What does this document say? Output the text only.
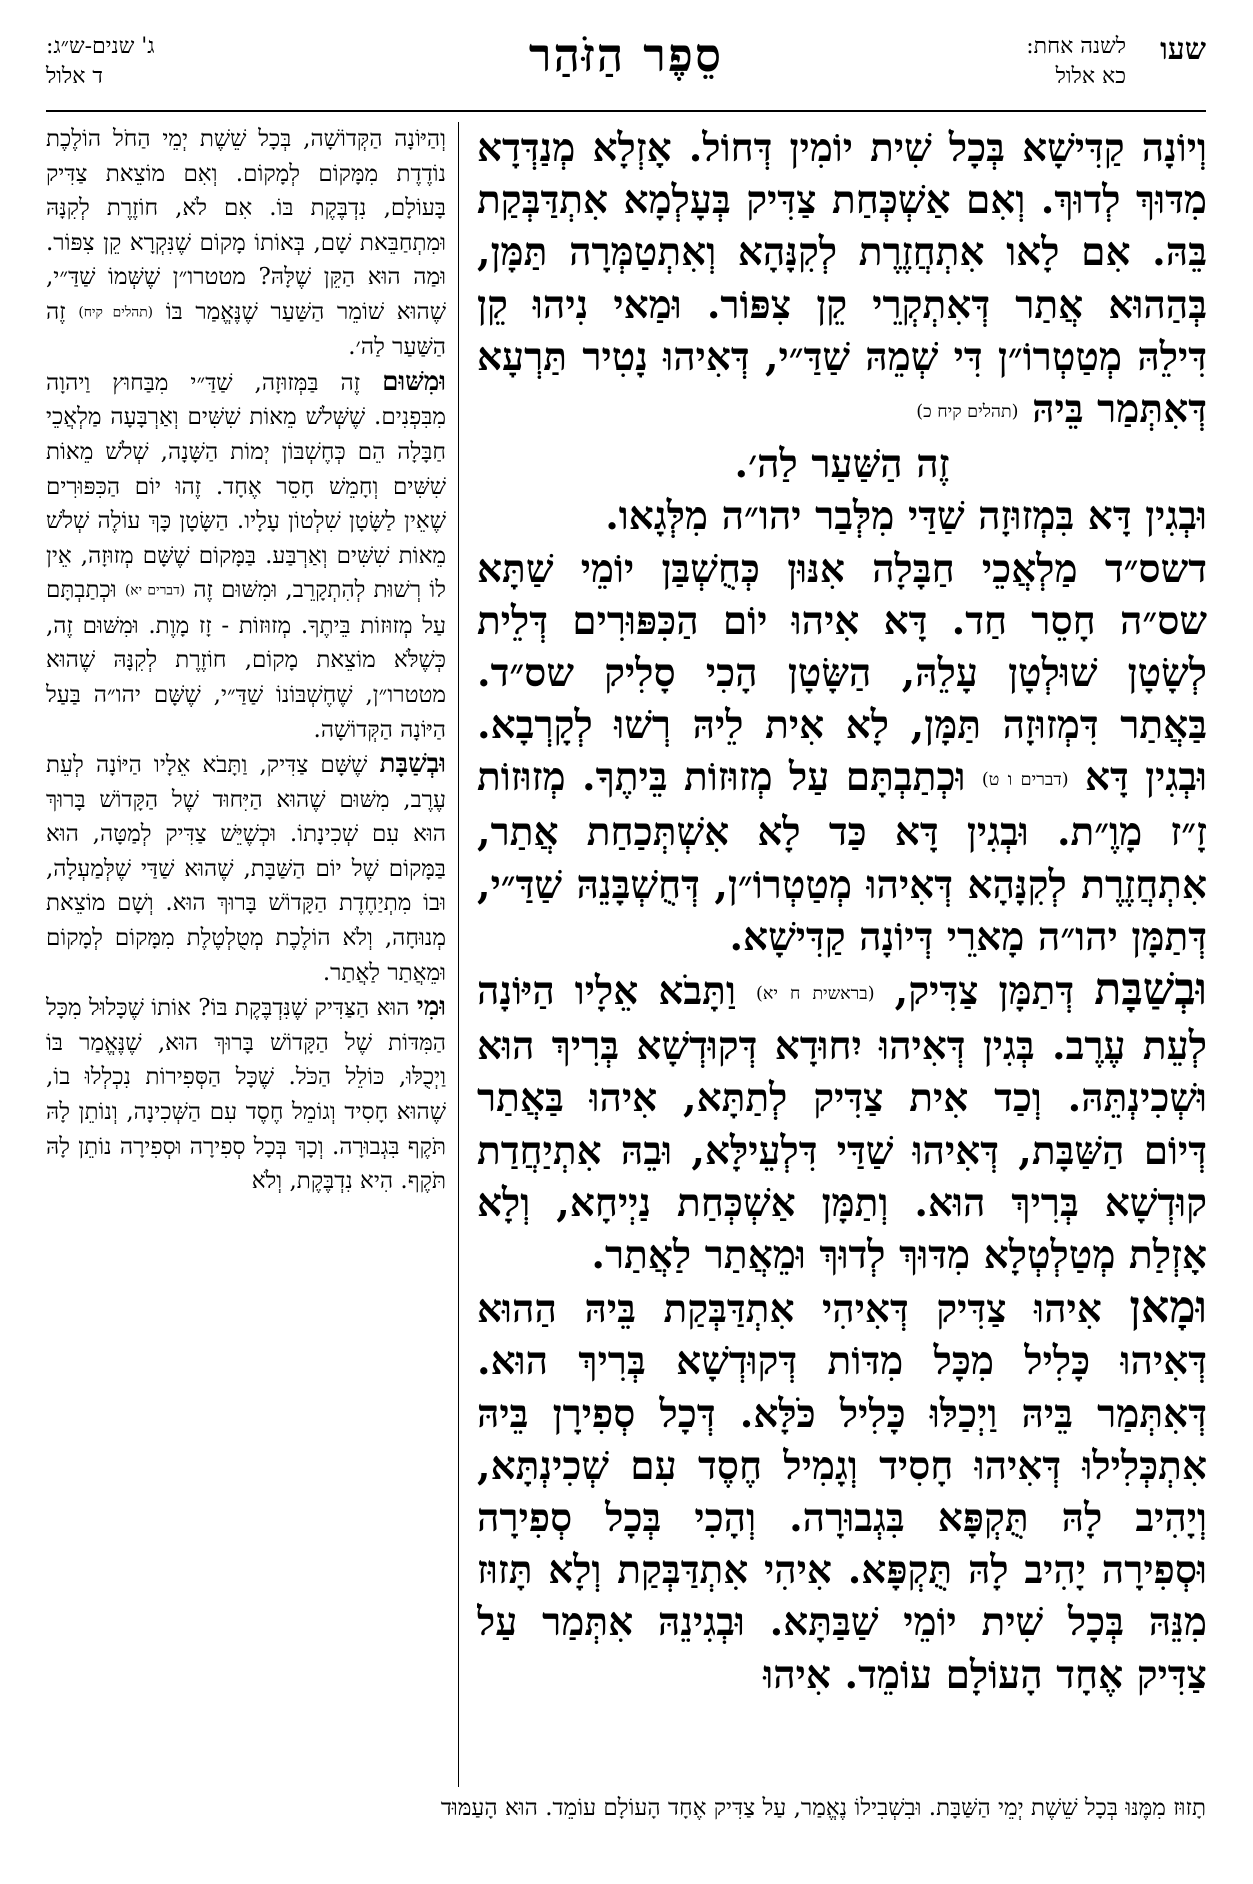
שעו
לשנה אחת:
כא אלול
סֵפֶר הַזֹּהַר
ג' שנים-ש״ג:
ד אלול

וְיוֹנָה קַדִּישָׁא בְּכָל שִׁית יוֹמִין דְּחוֹל. אָזְלָא מְנַדְּדָא מִדּוּךְ לְדוּךְ. וְאִם אַשְׁכְּחַת צַדִּיק בְּעָלְמָא אִתְדַּבְּקַת בֵּהּ. אִם לָאו אִתְחֲזֶרֶת לְקִנָּהָא וְאִתְטַמְּרָה תַּמָּן, בְּהַהוּא אֲתַר דְּאִתְקְרֵי קֵן צִפּוֹר. וּמַאי נִיהוּ קֵן דִּילֵהּ מְטַטְרוֹ״ן דִּי שְׁמֵהּ שַׁדַּ״י, דְּאִיהוּ נָטִיר תַּרְעָא דְּאִתְּמַר בֵּיהּ (תהלים קיח כ)

זֶה הַשַּׁעַר לַה׳.

וּבְגִין דָּא בִּמְזוּזָה שַׁדַּי מִלְּבַר יהו״ה מִלְּגָאו.

דשס״ד מַלְאֲכֵי חַבָּלָה אִנּוּן כְּחֻשְׁבַּן יוֹמֵי שַׁתָּא שס״ה חָסֵר חַד. דָּא אִיהוּ יוֹם הַכִּפּוּרִים דְּלֵית לְשָׂטָן שׁוּלְטָן עָלֵהּ, הַשָּׂטָן הָכִי סָלִיק שס״ד. בַּאֲתַר דִּמְזוּזָה תַּמָּן, לָא אִית לֵיהּ רְשׁוּ לְקָרְבָא. וּבְגִין דָּא (דברים ו ט) וּכְתַבְתָּם עַל מְזוּזוֹת בֵּיתֶךָ. מְזוּזוֹת זָ״ז מָוֶ״ת. וּבְגִין דָּא כַּד לָא אִשְׁתְּכַחַת אֲתַר, אִתְחֲזֶרֶת לְקִנָּהָא דְּאִיהוּ מְטַטְרוֹ״ן, דְּחֻשְׁבָּנֵהּ שַׁדַּ״י, דְּתַמָּן יהו״ה מָארֵי דְּיוֹנָה קַדִּישָׁא.

וּבְשַׁבָּת דְּתַמָּן צַדִּיק, (בראשית ח יא) וַתָּבֹא אֵלָיו הַיּוֹנָה לְעֵת עֶרֶב. בְּגִין דְּאִיהוּ יִחוּדָא דְּקוּדְשָׁא בְּרִיךְ הוּא וּשְׁכִינְתֵּהּ. וְכַד אִית צַדִּיק לְתַתָּא, אִיהוּ בַּאֲתַר דְּיוֹם הַשַּׁבָּת, דְּאִיהוּ שַׁדַּי דִּלְעֵילָּא, וּבֵהּ אִתְיַחֲדַת קוּדְשָׁא בְּרִיךְ הוּא. וְתַמָּן אַשְׁכְּחַת נַיְיחָא, וְלָא אָזְלַת מְטַלְטְלָא מִדּוּךְ לְדוּךְ וּמֵאֲתַר לַאֲתַר.

וּמָאן אִיהוּ צַדִּיק דְּאִיהִי אִתְדַּבְּקַת בֵּיהּ הַהוּא דְּאִיהוּ כָּלִיל מִכָּל מִדּוֹת דְּקוּדְשָׁא בְּרִיךְ הוּא. דְּאִתְּמַר בֵּיהּ וַיְכַלּוּ כָּלִיל כֹּלָּא. דְּכָל סְפִירָן בֵּיהּ אִתְכְּלִילוּ דְּאִיהוּ חָסִיד וְגָמִיל חֶסֶד עִם שְׁכִינְתָּא, וְיָהִיב לָהּ תֻּקְפָּא בִּגְבוּרָה. וְהָכִי בְּכָל סְפִירָה וּסְפִירָה יָהִיב לָהּ תֻּקְפָּא. אִיהִי אִתְדַּבְּקַת וְלָא תָּזוּז מִנֵּהּ בְּכָל שִׁית יוֹמֵי שַׁבַּתָּא. וּבְגִינֵהּ אִתְּמַר עַל צַדִּיק אֶחָד הָעוֹלָם עוֹמֵד. אִיהוּ

וְהַיּוֹנָה הַקְּדוֹשָׁה, בְּכָל שֵׁשֶׁת יְמֵי הַחֹל הוֹלֶכֶת נוֹדֶדֶת מִמָּקוֹם לְמָקוֹם. וְאִם מוֹצֵאת צַדִּיק בָּעוֹלָם, נִדְבֶּקֶת בּוֹ. אִם לֹא, חוֹזֶרֶת לְקִנָּהּ וּמִתְחַבֵּאת שָׁם, בְּאוֹתוֹ מָקוֹם שֶׁנִּקְרָא קֵן צִפּוֹר. וּמַה הוּא הַקֵּן שֶׁלָּהּ? מטטרו״ן שֶׁשְּׁמוֹ שַׁדַּ״י, שֶׁהוּא שׁוֹמֵר הַשַּׁעַר שֶׁנֶּאֱמַר בּוֹ (תהלים קיח) זֶה הַשַּׁעַר לַה׳.

וּמִשּׁוּם זֶה בַּמְּזוּזָה, שַׁדַּ״י מִבַּחוּץ וַיהוָה מִבִּפְנִים. שֶׁשְּׁלֹשׁ מֵאוֹת שִׁשִּׁים וְאַרְבָּעָה מַלְאֲכֵי חַבָּלָה הֵם כְּחֶשְׁבּוֹן יְמוֹת הַשָּׁנָה, שְׁלֹשׁ מֵאוֹת שִׁשִּׁים וְחָמֵשׁ חָסֵר אֶחָד. זֶהוּ יוֹם הַכִּפּוּרִים שֶׁאֵין לַשָּׂטָן שִׁלְטוֹן עָלָיו. הַשָּׂטָן כָּךְ עוֹלֶה שְׁלֹשׁ מֵאוֹת שִׁשִּׁים וְאַרְבַּע. בַּמָּקוֹם שֶׁשָּׁם מְזוּזָה, אֵין לוֹ רְשׁוּת לְהִתְקָרֵב, וּמִשּׁוּם זֶה (דברים יא) וּכְתַבְתָּם עַל מְזוּזוֹת בֵּיתֶךָ. מְזוּזוֹת - זָז מָוֶת. וּמִשּׁוּם זֶה, כְּשֶׁלֹּא מוֹצֵאת מָקוֹם, חוֹזֶרֶת לְקִנָּהּ שֶׁהוּא מטטרו״ן, שֶׁחֶשְׁבּוֹנוֹ שַׁדַּ״י, שֶׁשָּׁם יהו״ה בַּעַל הַיּוֹנָה הַקְּדוֹשָׁה.

וּבְשַׁבָּת שֶׁשָּׁם צַדִּיק, וַתָּבֹא אֵלָיו הַיּוֹנָה לְעֵת עֶרֶב, מִשּׁוּם שֶׁהוּא הַיִּחוּד שֶׁל הַקָּדוֹשׁ בָּרוּךְ הוּא עִם שְׁכִינָתוֹ. וּכְשֶׁיֵּשׁ צַדִּיק לְמַטָּה, הוּא בַּמָּקוֹם שֶׁל יוֹם הַשַּׁבָּת, שֶׁהוּא שַׁדַּי שֶׁלְּמַעְלָה, וּבוֹ מִתְיַחֶדֶת הַקָּדוֹשׁ בָּרוּךְ הוּא. וְשָׁם מוֹצֵאת מְנוּחָה, וְלֹא הוֹלֶכֶת מְטֻלְטֶלֶת מִמָּקוֹם לְמָקוֹם וּמֵאֲתַר לַאֲתַר.

וּמִי הוּא הַצַּדִּיק שֶׁנִּדְבֶּקֶת בּוֹ? אוֹתוֹ שֶׁכָּלוּל מִכָּל הַמִּדּוֹת שֶׁל הַקָּדוֹשׁ בָּרוּךְ הוּא, שֶׁנֶּאֱמַר בּוֹ וַיְכֻלּוּ, כּוֹלֵל הַכֹּל. שֶׁכָּל הַסְּפִירוֹת נִכְלְלוּ בוֹ, שֶׁהוּא חָסִיד וְגוֹמֵל חֶסֶד עִם הַשְּׁכִינָה, וְנוֹתֵן לָהּ תֹּקֶף בִּגְבוּרָה. וְכָךְ בְּכָל סְפִירָה וּסְפִירָה נוֹתֵן לָהּ תֹּקֶף. הִיא נִדְבֶּקֶת, וְלֹא

תָזוּז מִמֶּנּוּ בְּכָל שֵׁשֶׁת יְמֵי הַשַּׁבָּת. וּבִשְׁבִילוֹ נֶאֱמַר, עַל צַדִּיק אֶחָד הָעוֹלָם עוֹמֵד. הוּא הָעַמּוּד
